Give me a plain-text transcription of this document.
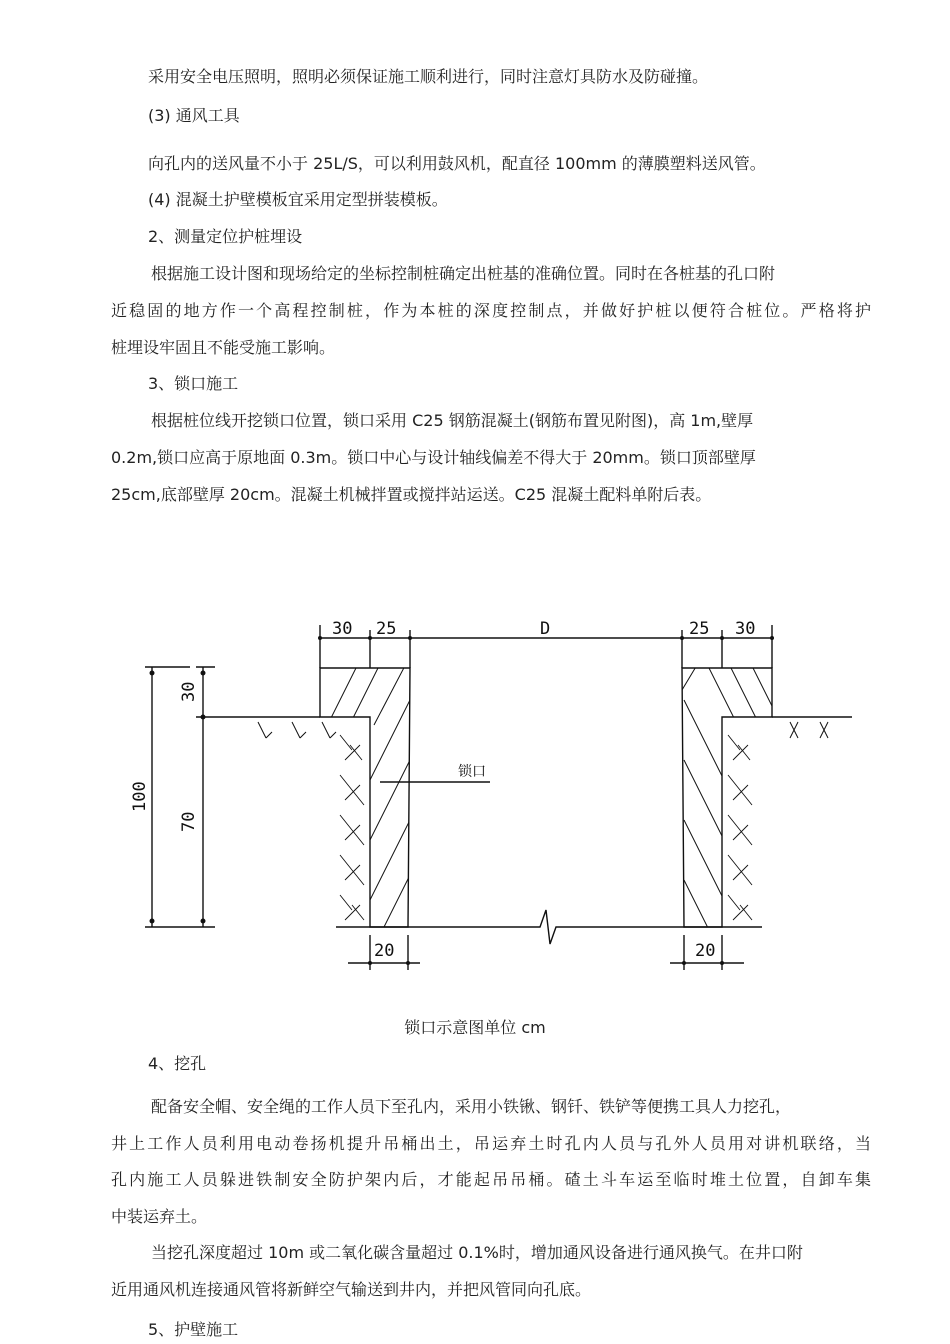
采用安全电压照明，照明必须保证施工顺利进行，同时注意灯具防水及防碰撞。
(3) 通风工具
向孔内的送风量不小于 25L/S，可以利用鼓风机，配直径 100mm 的薄膜塑料送风管。
(4) 混凝土护壁模板宜采用定型拼装模板。
2、测量定位护桩埋设
根据施工设计图和现场给定的坐标控制桩确定出桩基的准确位置。同时在各桩基的孔口附
近稳固的地方作一个高程控制桩，作为本桩的深度控制点，并做好护桩以便符合桩位。严格将护
桩埋设牢固且不能受施工影响。
3、锁口施工
根据桩位线开挖锁口位置，锁口采用 C25 钢筋混凝土(钢筋布置见附图)，高 1m,壁厚
0.2m,锁口应高于原地面 0.3m。锁口中心与设计轴线偏差不得大于 20mm。锁口顶部壁厚
25cm,底部壁厚 20cm。混凝土机械拌置或搅拌站运送。C25 混凝土配料单附后表。
30 25	D	25 30
100
30
70
锁口
20	20
锁口示意图单位 cm
4、挖孔
配备安全帽、安全绳的工作人员下至孔内，采用小铁锹、钢钎、铁铲等便携工具人力挖孔，
井上工作人员利用电动卷扬机提升吊桶出土，吊运弃土时孔内人员与孔外人员用对讲机联络，当
孔内施工人员躲进铁制安全防护架内后，才能起吊吊桶。碴土斗车运至临时堆土位置，自卸车集
中装运弃土。
当挖孔深度超过 10m 或二氧化碳含量超过 0.1%时，增加通风设备进行通风换气。在井口附
近用通风机连接通风管将新鲜空气输送到井内，并把风管同向孔底。
5、护壁施工
